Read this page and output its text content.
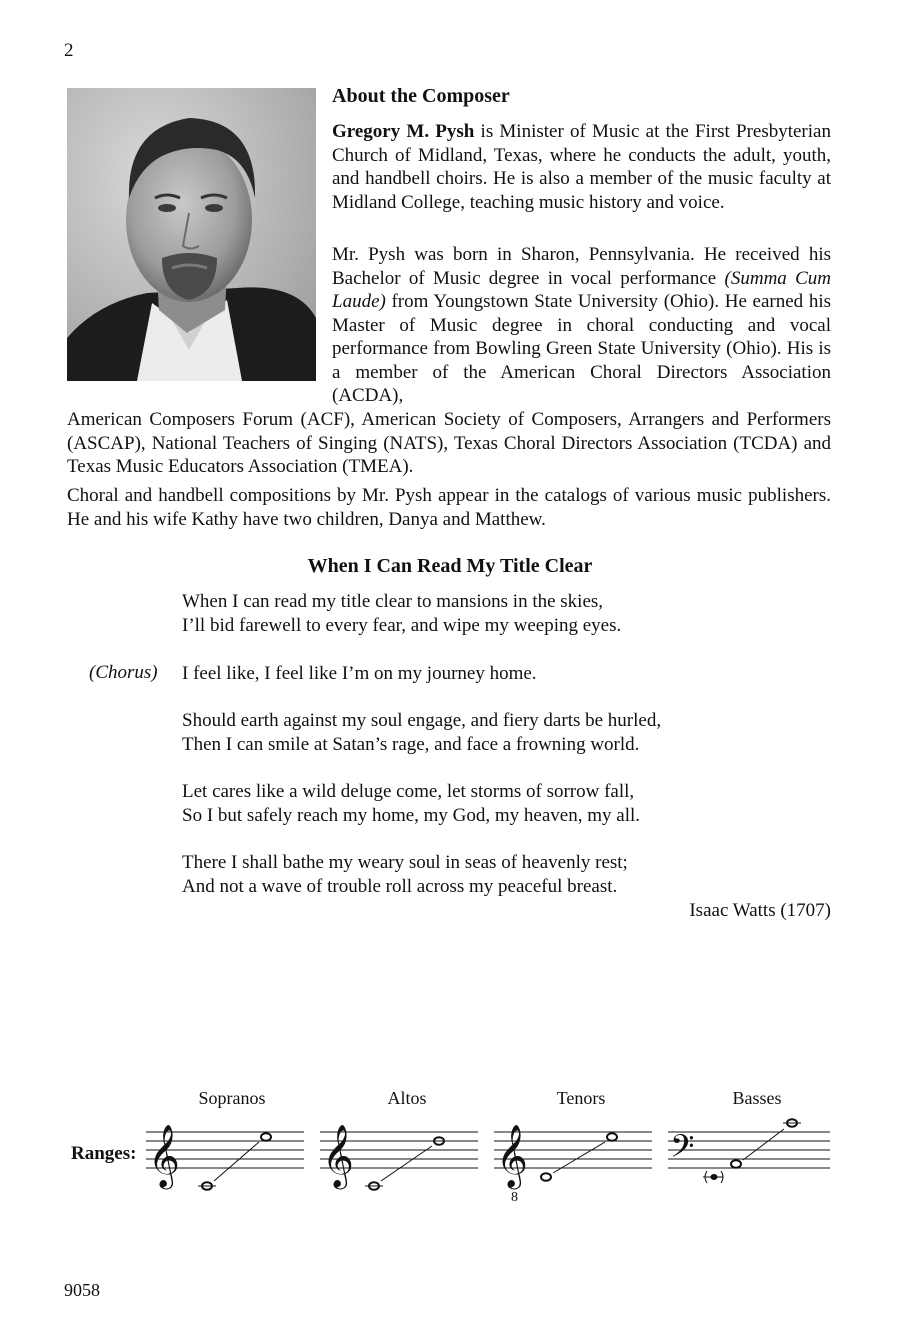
2
About the Composer
Gregory M. Pysh is Minister of Music at the First Presbyterian Church of Midland, Texas, where he conducts the adult, youth, and handbell choirs. He is also a member of the music faculty at Midland College, teaching music history and voice.
Mr. Pysh was born in Sharon, Pennsylvania. He received his Bachelor of Music degree in vocal performance (Summa Cum Laude) from Youngstown State University (Ohio). He earned his Master of Music degree in choral conducting and vocal performance from Bowling Green State University (Ohio). His is a member of the American Choral Directors Association (ACDA),
American Composers Forum (ACF), American Society of Composers, Arrangers and Performers (ASCAP), National Teachers of Singing (NATS), Texas Choral Directors Association (TCDA) and Texas Music Educators Association (TMEA).
Choral and handbell compositions by Mr. Pysh appear in the catalogs of various music publishers. He and his wife Kathy have two children, Danya and Matthew.
When I Can Read My Title Clear
When I can read my title clear to mansions in the skies,
I’ll bid farewell to every fear, and wipe my weeping eyes.
(Chorus) I feel like, I feel like I’m on my journey home.
Should earth against my soul engage, and fiery darts be hurled,
Then I can smile at Satan’s rage, and face a frowning world.
Let cares like a wild deluge come, let storms of sorrow fall,
So I but safely reach my home, my God, my heaven, my all.
There I shall bathe my weary soul in seas of heavenly rest;
And not a wave of trouble roll across my peaceful breast.
Isaac Watts (1707)
Ranges:
Sopranos	Altos	Tenors	Basses
𝄞	𝄞	𝄞
8
𝄢
9058
